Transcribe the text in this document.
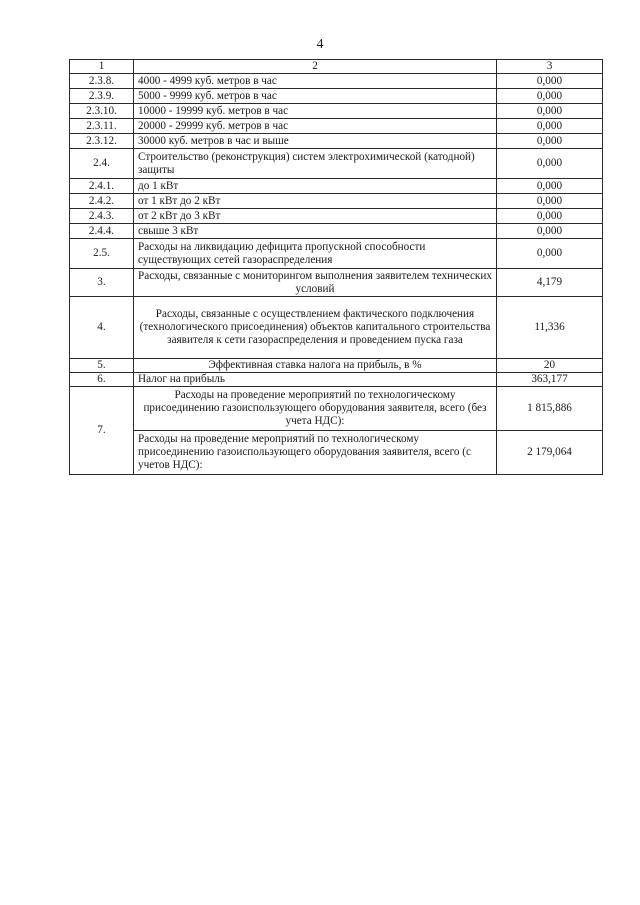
4
1	2	3
2.3.8.	4000 - 4999 куб. метров в час	0,000
2.3.9.	5000 - 9999 куб. метров в час	0,000
2.3.10.	10000 - 19999 куб. метров в час	0,000
2.3.11.	20000 - 29999 куб. метров в час	0,000
2.3.12.	30000 куб. метров в час и выше	0,000
2.4.	Строительство (реконструкция) систем электрохимической (катодной) защиты	0,000
2.4.1.	до 1 кВт	0,000
2.4.2.	от 1 кВт до 2 кВт	0,000
2.4.3.	от 2 кВт до 3 кВт	0,000
2.4.4.	свыше 3 кВт	0,000
2.5.	Расходы на ликвидацию дефицита пропускной способности существующих сетей газораспределения	0,000
3.	Расходы, связанные с мониторингом выполнения заявителем технических условий	4,179
4.	Расходы, связанные с осуществлением фактического подключения (технологического присоединения) объектов капитального строительства заявителя к сети газораспределения и проведением пуска газа	11,336
5.	Эффективная ставка налога на прибыль, в %	20
6.	Налог на прибыль	363,177
7.	Расходы на проведение мероприятий по технологическому присоединению газоиспользующего оборудования заявителя, всего (без учета НДС):	1 815,886
	Расходы на проведение мероприятий по технологическому присоединению газоиспользующего оборудования заявителя, всего (с учетов НДС):	2 179,064
